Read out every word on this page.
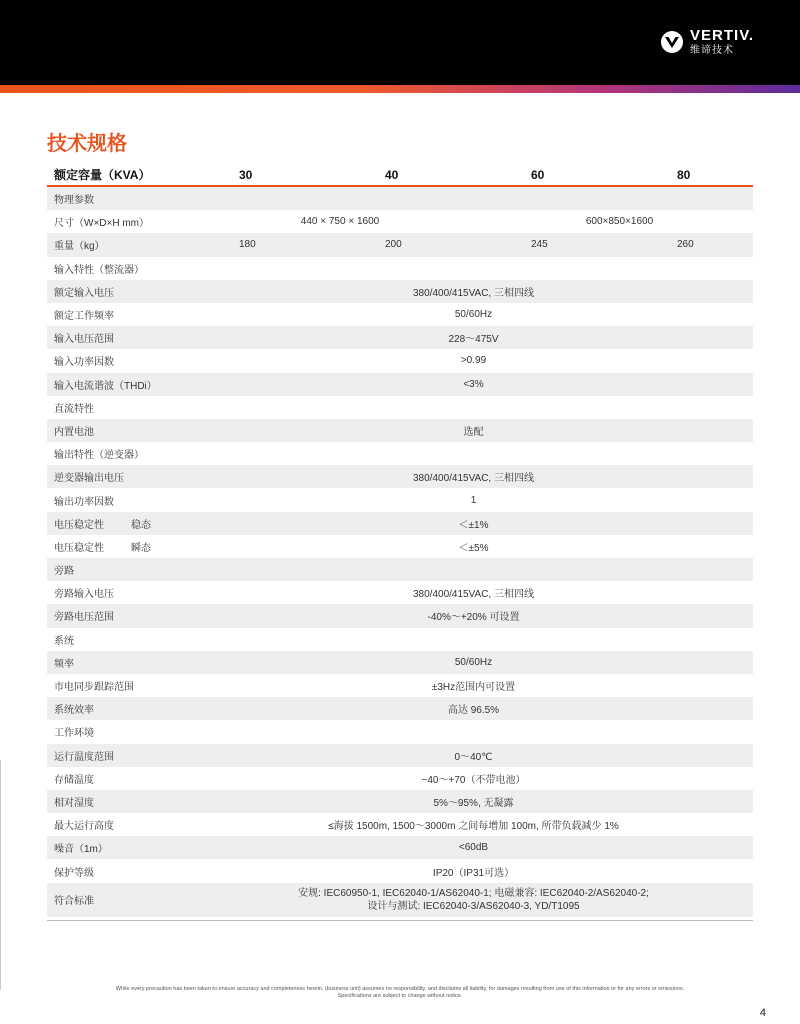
VERTIV.
维谛技术
技术规格
额定容量（KVA）	30	40	60	80
物理参数				
尺寸（W×D×H mm）	440 × 750 × 1600		600×850×1600	
重量（kg）	180	200	245	260
输入特性（整流器）				
额定输入电压	380/400/415VAC, 三相四线			
额定工作频率	50/60Hz			
输入电压范围	228～475V			
输入功率因数	>0.99			
输入电流谐波（THDi）	<3%			
直流特性				
内置电池	选配			
输出特性（逆变器）				
逆变器输出电压	380/400/415VAC, 三相四线			
输出功率因数	1			
电压稳定性 稳态	＜±1%			
电压稳定性 瞬态	＜±5%			
旁路				
旁路输入电压	380/400/415VAC, 三相四线			
旁路电压范围	-40%～+20% 可设置			
系统				
频率	50/60Hz			
市电同步跟踪范围	±3Hz范围内可设置			
系统效率	高达 96.5%			
工作环境				
运行温度范围	0～40℃			
存储温度	−40～+70（不带电池）			
相对湿度	5%～95%, 无凝露			
最大运行高度	≤海拔 1500m, 1500～3000m 之间每增加 100m, 所带负载减少 1%			
噪音（1m）	<60dB			
保护等级	IP20（IP31可选）			
符合标准	安规: IEC60950-1, IEC62040-1/AS62040-1; 电磁兼容: IEC62040-2/AS62040-2;
设计与测试: IEC62040-3/AS62040-3, YD/T1095			
While every precaution has been taken to ensure accuracy and completeness herein, (business unit) assumes no responsibility, and disclaims all liability, for damages resulting from use of this information or for any errors or omissions.
Specifications are subject to change without notice.
4
